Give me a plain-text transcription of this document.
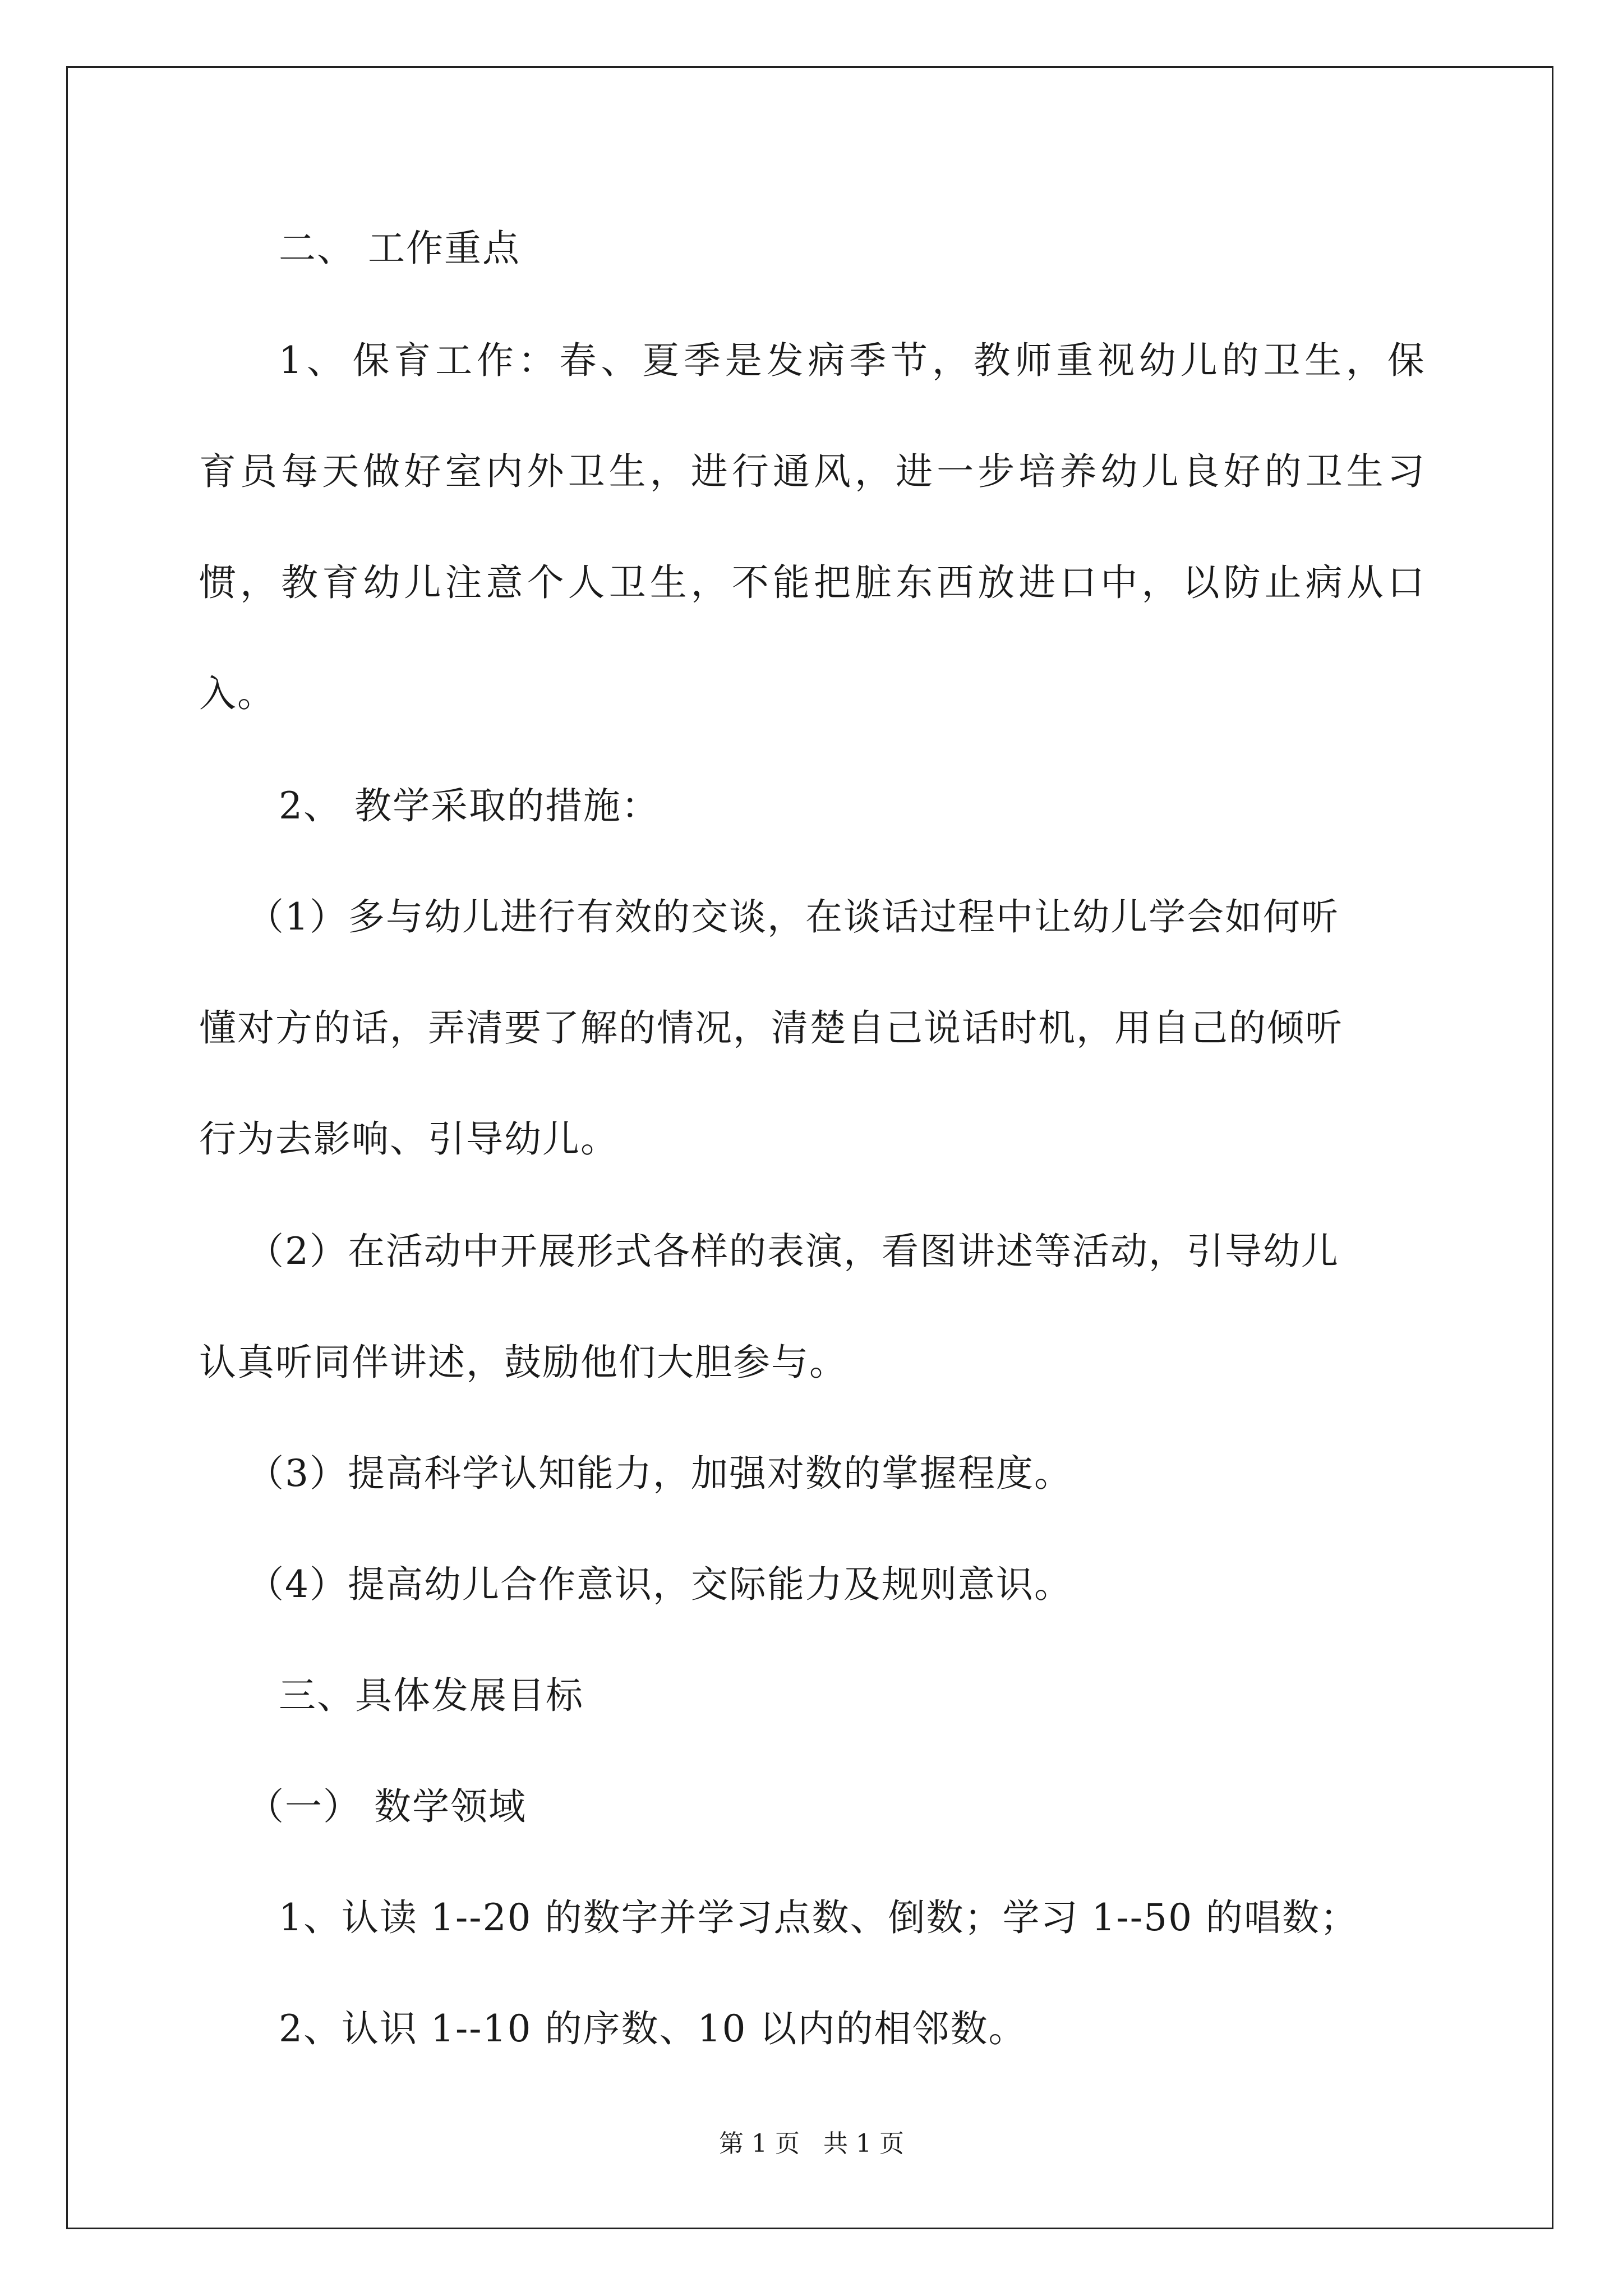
二、 工作重点
1 、 保 育 工 作 ： 春 、 夏 季 是 发 病 季 节 ， 教 师 重 视 幼 儿 的 卫 生 ， 保
育 员 每 天 做 好 室 内 外 卫 生 ， 进 行 通 风 ， 进 一 步 培 养 幼 儿 良 好 的 卫 生 习
惯 ， 教 育 幼 儿 注 意 个 人 卫 生 ， 不 能 把 脏 东 西 放 进 口 中 ， 以 防 止 病 从 口
入。
2、 教学采取的措施：
（1）多与幼儿进行有效的交谈，在谈话过程中让幼儿学会如何听
懂对方的话，弄清要了解的情况，清楚自己说话时机，用自己的倾听
行为去影响、引导幼儿。
（2）在活动中开展形式各样的表演，看图讲述等活动，引导幼儿
认真听同伴讲述，鼓励他们大胆参与。
（3）提高科学认知能力，加强对数的掌握程度。
（4）提高幼儿合作意识，交际能力及规则意识。
三、具体发展目标
（一） 数学领域
1、认读 1--20 的数字并学习点数、倒数；学习 1--50 的唱数；
2、认识 1--10 的序数、10 以内的相邻数。
第 1 页   共 1 页
